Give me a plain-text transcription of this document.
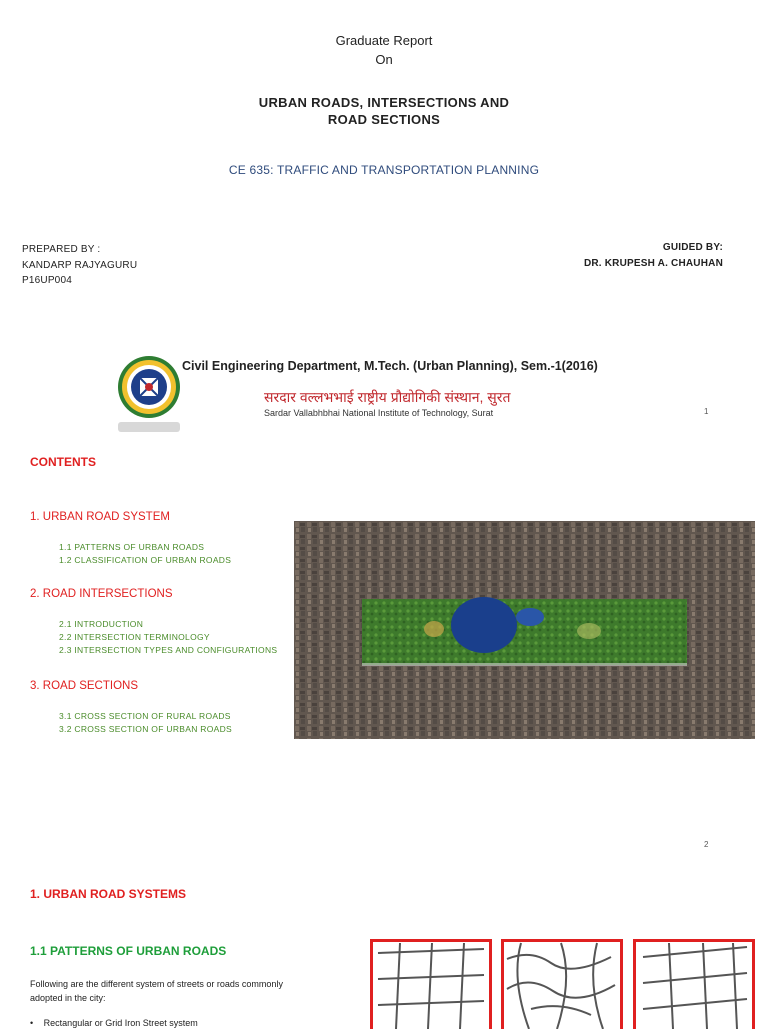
Graduate Report
On
URBAN ROADS, INTERSECTIONS AND
ROAD SECTIONS
CE 635: TRAFFIC AND TRANSPORTATION PLANNING
PREPARED BY :
KANDARP RAJYAGURU
P16UP004
GUIDED BY:
DR. KRUPESH A. CHAUHAN
Civil Engineering Department, M.Tech. (Urban Planning), Sem.-1(2016)
सरदार वल्लभभाई राष्ट्रीय प्रौद्योगिकी संस्थान, सुरत
Sardar Vallabhbhai National Institute of Technology, Surat	1
CONTENTS
1. URBAN ROAD SYSTEM
1.1 PATTERNS OF URBAN ROADS
1.2 CLASSIFICATION OF URBAN ROADS
2. ROAD INTERSECTIONS
2.1 INTRODUCTION
2.2 INTERSECTION TERMINOLOGY
2.3 INTERSECTION TYPES AND CONFIGURATIONS
3. ROAD SECTIONS
3.1 CROSS SECTION OF RURAL ROADS
3.2 CROSS SECTION OF URBAN ROADS
2
1. URBAN ROAD SYSTEMS
1.1 PATTERNS OF URBAN ROADS
Following are the different system of streets or roads commonly
adopted in the city:
• Rectangular or Grid Iron Street system
